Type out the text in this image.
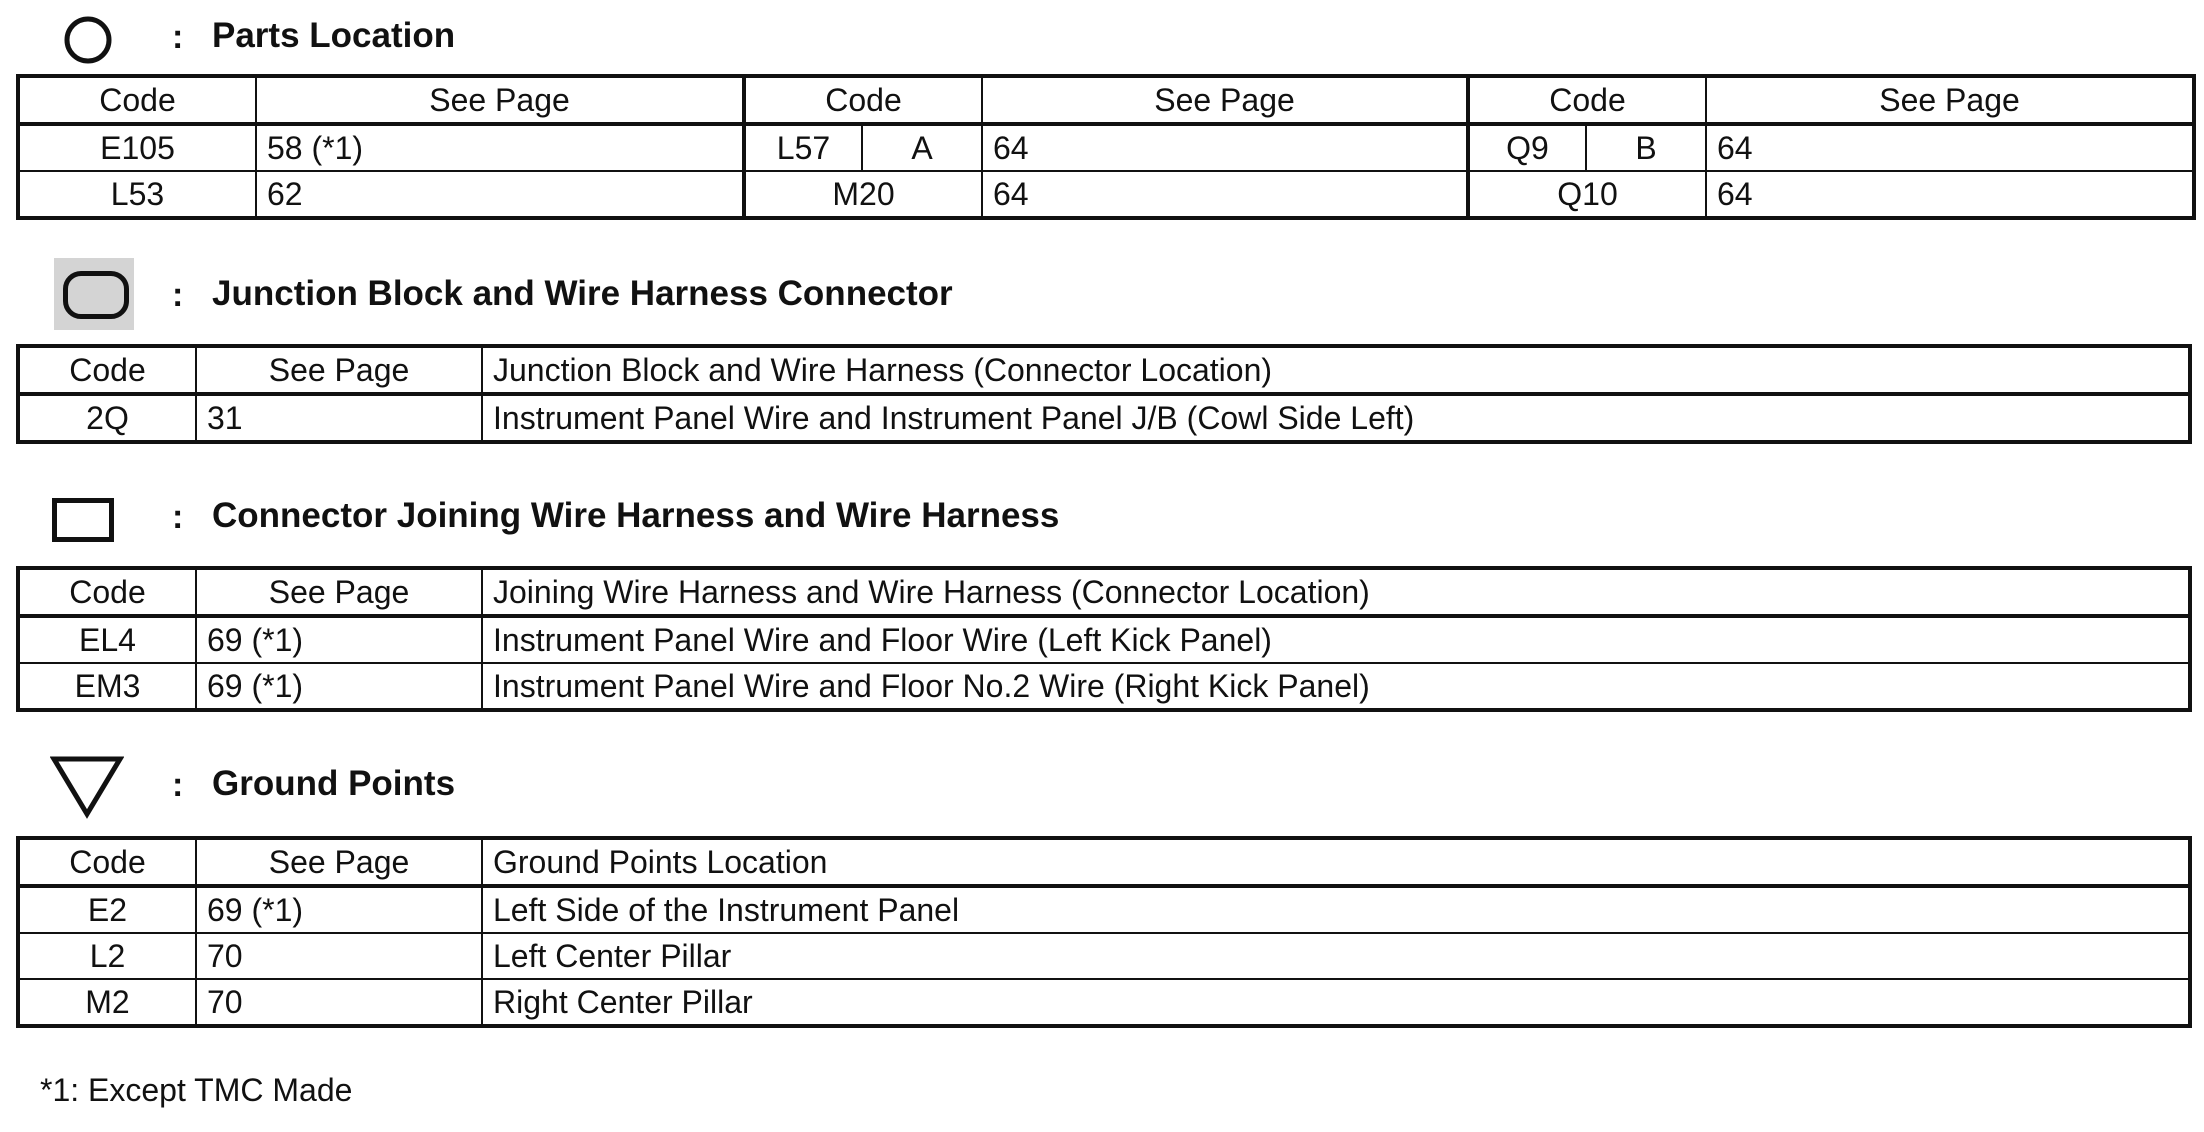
: Parts Location
Code	See Page	Code		See Page	Code		See Page
E105	58 (*1)	L57	A	64	Q9	B	64
L53	62	M20		64	Q10		64
: Junction Block and Wire Harness Connector
Code	See Page	Junction Block and Wire Harness (Connector Location)
2Q	31	Instrument Panel Wire and Instrument Panel J/B (Cowl Side Left)
: Connector Joining Wire Harness and Wire Harness
Code	See Page	Joining Wire Harness and Wire Harness (Connector Location)
EL4	69 (*1)	Instrument Panel Wire and Floor Wire (Left Kick Panel)
EM3	69 (*1)	Instrument Panel Wire and Floor No.2 Wire (Right Kick Panel)
: Ground Points
Code	See Page	Ground Points Location
E2	69 (*1)	Left Side of the Instrument Panel
L2	70	Left Center Pillar
M2	70	Right Center Pillar
*1: Except TMC Made
